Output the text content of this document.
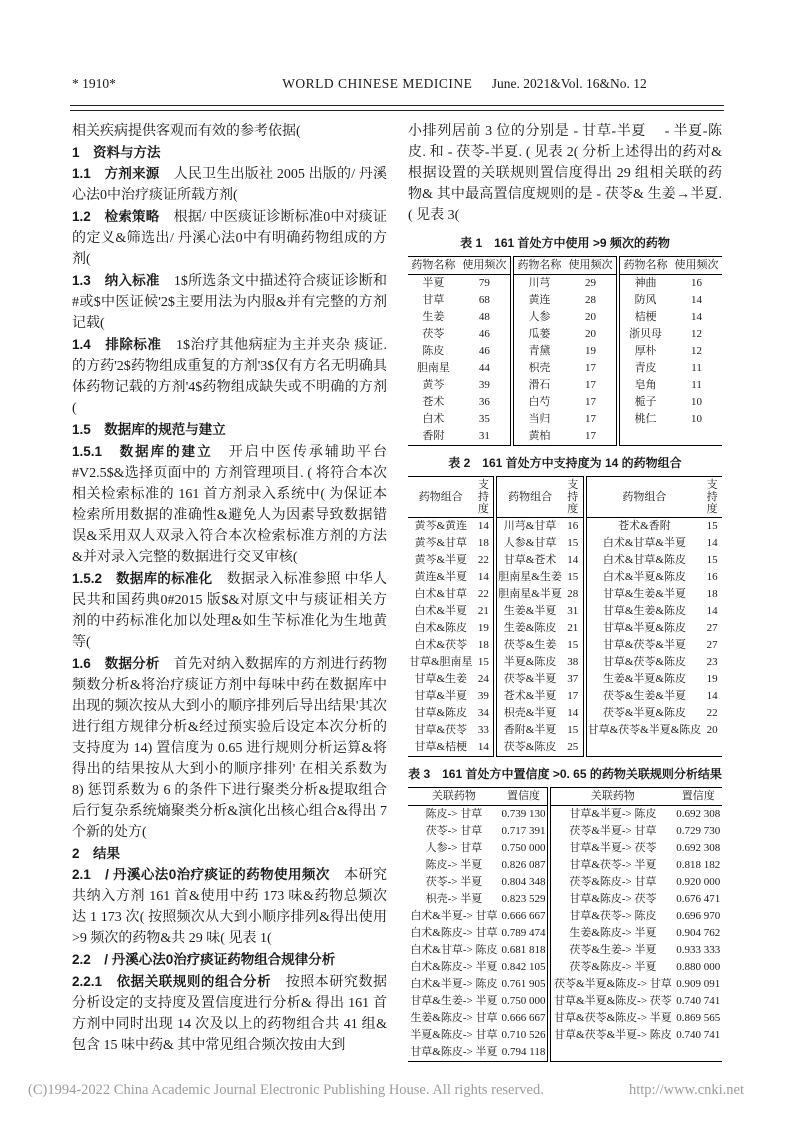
* 1910*	WORLD CHINESE MEDICINE June. 2021&Vol. 16&No. 12

相关疾病提供客观而有效的参考依据(

1　资料与方法

1.1　方剂来源　人民卫生出版社 2005 出版的/ 丹溪心法0中治疗痰证所载方剂(

1.2　检索策略　根据/ 中医痰证诊断标准0中对痰证的定义&筛选出/ 丹溪心法0中有明确药物组成的方剂(

1.3　纳入标准　1$所选条文中描述符合痰证诊断和#或$中医证候'2$主要用法为内服&并有完整的方剂记载(

1.4　排除标准　1$治疗其他病症为主并夹杂 痰证. 的方药'2$药物组成重复的方剂'3$仅有方名无明确具体药物记载的方剂'4$药物组成缺失或不明确的方剂(

1.5　数据库的规范与建立

1.5.1　数据库的建立　开启中医传承辅助平台#V2.5$&选择页面中的 方剂管理项目. ( 将符合本次相关检索标准的 161 首方剂录入系统中( 为保证本检索所用数据的准确性&避免人为因素导致数据错误&采用双人双录入符合本次检索标准方剂的方法&并对录入完整的数据进行交叉审核(

1.5.2　数据库的标准化　数据录入标准参照 中华人民共和国药典0#2015 版$&对原文中与痰证相关方剂的中药标准化加以处理&如生苄标准化为生地黄等(

1.6　数据分析　首先对纳入数据库的方剂进行药物频数分析&将治疗痰证方剂中每味中药在数据库中出现的频次按从大到小的顺序排列后导出结果'其次进行组方规律分析&经过预实验后设定本次分析的支持度为 14) 置信度为 0.65 进行规则分析运算&将得出的结果按从大到小的顺序排列' 在相关系数为 8) 惩罚系数为 6 的条件下进行聚类分析&提取组合后行复杂系统熵聚类分析&演化出核心组合&得出 7 个新的处方(

2　结果

2.1　/ 丹溪心法0治疗痰证的药物使用频次　本研究共纳入方剂 161 首&使用中药 173 味&药物总频次达 1 173 次( 按照频次从大到小顺序排列&得出使用 >9 频次的药物&共 29 味( 见表 1(

2.2　/ 丹溪心法0治疗痰证药物组合规律分析

2.2.1　依据关联规则的组合分析　按照本研究数据分析设定的支持度及置信度进行分析& 得出 161 首方剂中同时出现 14 次及以上的药物组合共 41 组& 包含 15 味中药& 其中常见组合频次按由大到

小排列居前 3 位的分别是 - 甘草-半夏　 - 半夏-陈皮. 和 - 茯苓-半夏. ( 见表 2( 分析上述得出的药对& 根据设置的关联规则置信度得出 29 组相关联的药物& 其中最高置信度规则的是 - 茯苓& 生姜→半夏. ( 见表 3(

表 1　161 首处方中使用 >9 频次的药物
药物名称	使用频次	药物名称	使用频次	药物名称	使用频次
半夏	79	川芎	29	神曲	16
甘草	68	黄连	28	防风	14
生姜	48	人参	20	桔梗	14
茯苓	46	瓜蒌	20	浙贝母	12
陈皮	46	青黛	19	厚朴	12
胆南星	44	枳壳	17	青皮	11
黄芩	39	滑石	17	皂角	11
苍术	36	白芍	17	栀子	10
白术	35	当归	17	桃仁	10
香附	31	黄柏	17		
表 2　161 首处方中支持度为 14 的药物组合
药物组合	支持度	药物组合	支持度	药物组合	支持度
黄芩&黄连	14	川芎&甘草	16	苍术&香附	15
黄芩&甘草	18	人参&甘草	15	白术&甘草&半夏	14
黄芩&半夏	22	甘草&苍术	14	白术&甘草&陈皮	15
黄连&半夏	14	胆南星&生姜	15	白术&半夏&陈皮	16
白术&甘草	22	胆南星&半夏	28	甘草&生姜&半夏	18
白术&半夏	21	生姜&半夏	31	甘草&生姜&陈皮	14
白术&陈皮	19	生姜&陈皮	21	甘草&半夏&陈皮	27
白术&茯苓	18	茯苓&生姜	15	甘草&茯苓&半夏	27
甘草&胆南星	15	半夏&陈皮	38	甘草&茯苓&陈皮	23
甘草&生姜	24	茯苓&半夏	37	生姜&半夏&陈皮	19
甘草&半夏	39	苍术&半夏	17	茯苓&生姜&半夏	14
甘草&陈皮	34	枳壳&半夏	14	茯苓&半夏&陈皮	22
甘草&茯苓	33	香附&半夏	15	甘草&茯苓&半夏&陈皮	20
甘草&桔梗	14	茯苓&陈皮	25		
表 3　161 首处方中置信度 >0. 65 的药物关联规则分析结果
关联药物	置信度	关联药物	置信度
陈皮-> 甘草	0.739 130	甘草&半夏-> 陈皮	0.692 308
茯苓-> 甘草	0.717 391	茯苓&半夏-> 甘草	0.729 730
人参-> 甘草	0.750 000	甘草&半夏-> 茯苓	0.692 308
陈皮-> 半夏	0.826 087	甘草&茯苓-> 半夏	0.818 182
茯苓-> 半夏	0.804 348	茯苓&陈皮-> 甘草	0.920 000
枳壳-> 半夏	0.823 529	甘草&陈皮-> 茯苓	0.676 471
白术&半夏-> 甘草	0.666 667	甘草&茯苓-> 陈皮	0.696 970
白术&陈皮-> 甘草	0.789 474	生姜&陈皮-> 半夏	0.904 762
白术&甘草-> 陈皮	0.681 818	茯苓&生姜-> 半夏	0.933 333
白术&陈皮-> 半夏	0.842 105	茯苓&陈皮-> 半夏	0.880 000
白术&半夏-> 陈皮	0.761 905	茯苓&半夏&陈皮-> 甘草	0.909 091
甘草&生姜-> 半夏	0.750 000	甘草&半夏&陈皮-> 茯苓	0.740 741
生姜&陈皮-> 甘草	0.666 667	甘草&茯苓&陈皮-> 半夏	0.869 565
半夏&陈皮-> 甘草	0.710 526	甘草&茯苓&半夏-> 陈皮	0.740 741
甘草&陈皮-> 半夏	0.794 118		
(C)1994-2022 China Academic Journal Electronic Publishing House. All rights reserved.	http://www.cnki.net
